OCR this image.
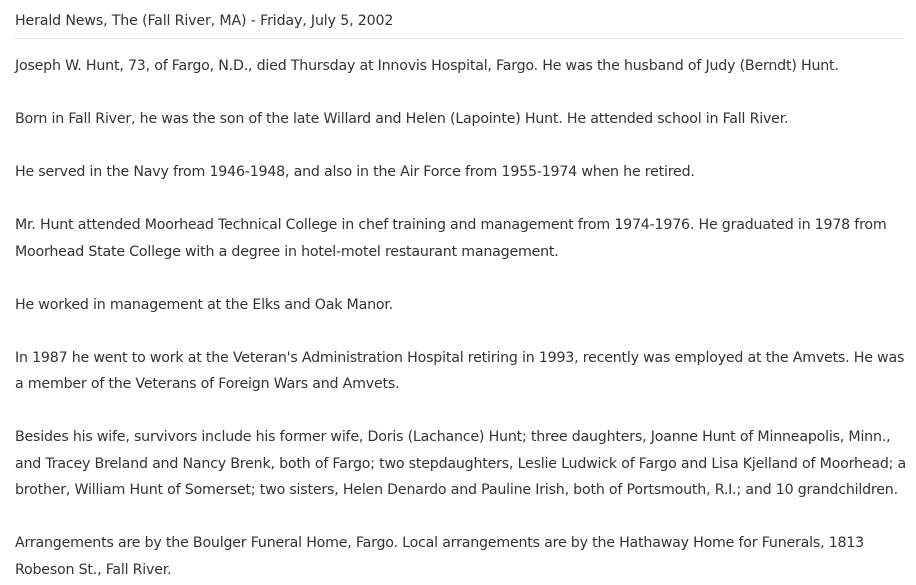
Herald News, The (Fall River, MA) - Friday, July 5, 2002

Joseph W. Hunt, 73, of Fargo, N.D., died Thursday at Innovis Hospital, Fargo. He was the husband of Judy (Berndt) Hunt.

Born in Fall River, he was the son of the late Willard and Helen (Lapointe) Hunt. He attended school in Fall River.

He served in the Navy from 1946-1948, and also in the Air Force from 1955-1974 when he retired.

Mr. Hunt attended Moorhead Technical College in chef training and management from 1974-1976. He graduated in 1978 from Moorhead State College with a degree in hotel-motel restaurant management.

He worked in management at the Elks and Oak Manor.

In 1987 he went to work at the Veteran's Administration Hospital retiring in 1993, recently was employed at the Amvets. He was a member of the Veterans of Foreign Wars and Amvets.

Besides his wife, survivors include his former wife, Doris (Lachance) Hunt; three daughters, Joanne Hunt of Minneapolis, Minn., and Tracey Breland and Nancy Brenk, both of Fargo; two stepdaughters, Leslie Ludwick of Fargo and Lisa Kjelland of Moorhead; a brother, William Hunt of Somerset; two sisters, Helen Denardo and Pauline Irish, both of Portsmouth, R.I.; and 10 grandchildren.

Arrangements are by the Boulger Funeral Home, Fargo. Local arrangements are by the Hathaway Home for Funerals, 1813 Robeson St., Fall River.
